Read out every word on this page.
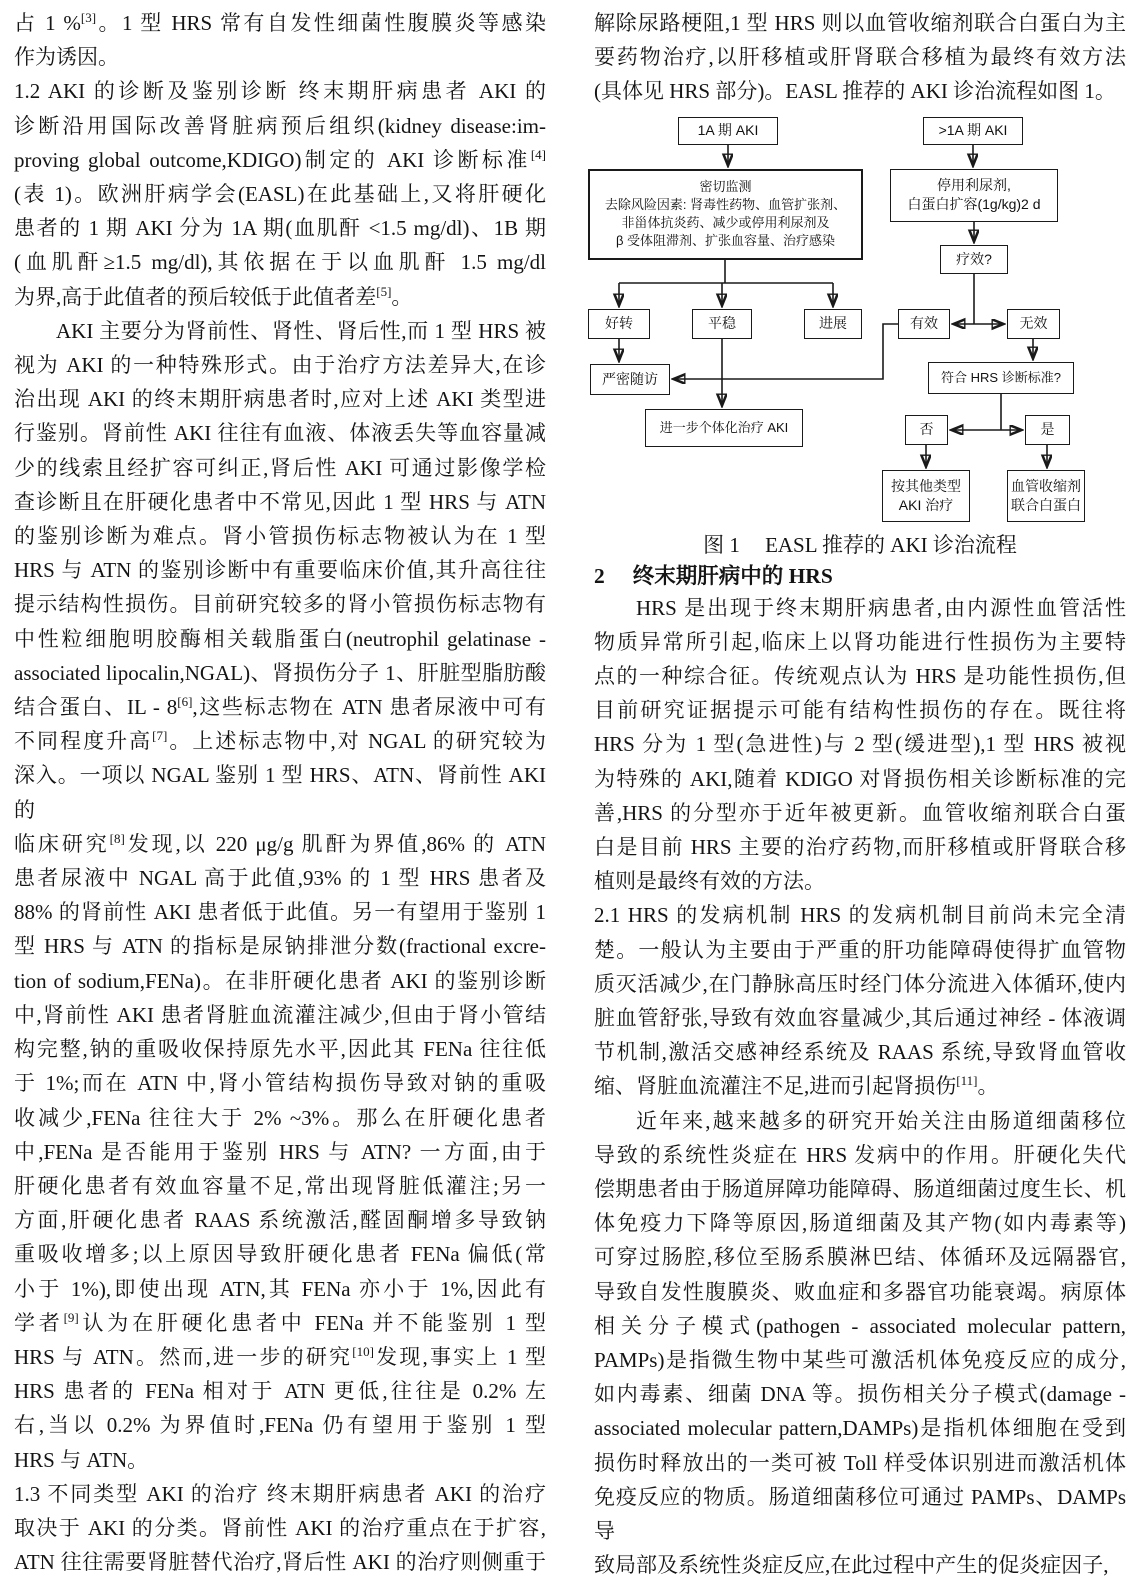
占 1 %[3]。1 型 HRS 常有自发性细菌性腹膜炎等感染
作为诱因。
1.2 AKI 的诊断及鉴别诊断 终末期肝病患者 AKI 的
诊断沿用国际改善肾脏病预后组织(kidney disease:im-
proving global outcome,KDIGO)制定的 AKI 诊断标准[4]
(表 1)。欧洲肝病学会(EASL)在此基础上,又将肝硬化
患者的 1 期 AKI 分为 1A 期(血肌酐 <1.5 mg/dl)、1B 期
(血肌酐≥1.5 mg/dl),其依据在于以血肌酐 1.5 mg/dl
为界,高于此值者的预后较低于此值者差[5]。
AKI 主要分为肾前性、肾性、肾后性,而 1 型 HRS 被
视为 AKI 的一种特殊形式。由于治疗方法差异大,在诊
治出现 AKI 的终末期肝病患者时,应对上述 AKI 类型进
行鉴别。肾前性 AKI 往往有血液、体液丢失等血容量减
少的线索且经扩容可纠正,肾后性 AKI 可通过影像学检
查诊断且在肝硬化患者中不常见,因此 1 型 HRS 与 ATN
的鉴别诊断为难点。肾小管损伤标志物被认为在 1 型
HRS 与 ATN 的鉴别诊断中有重要临床价值,其升高往往
提示结构性损伤。目前研究较多的肾小管损伤标志物有
中性粒细胞明胶酶相关载脂蛋白(neutrophil gelatinase -
associated lipocalin,NGAL)、肾损伤分子 1、肝脏型脂肪酸
结合蛋白、IL - 8[6],这些标志物在 ATN 患者尿液中可有
不同程度升高[7]。上述标志物中,对 NGAL 的研究较为
深入。一项以 NGAL 鉴别 1 型 HRS、ATN、肾前性 AKI 的
临床研究[8]发现,以 220 μg/g 肌酐为界值,86% 的 ATN
患者尿液中 NGAL 高于此值,93% 的 1 型 HRS 患者及
88% 的肾前性 AKI 患者低于此值。另一有望用于鉴别 1
型 HRS 与 ATN 的指标是尿钠排泄分数(fractional excre-
tion of sodium,FENa)。在非肝硬化患者 AKI 的鉴别诊断
中,肾前性 AKI 患者肾脏血流灌注减少,但由于肾小管结
构完整,钠的重吸收保持原先水平,因此其 FENa 往往低
于 1%;而在 ATN 中,肾小管结构损伤导致对钠的重吸
收减少,FENa 往往大于 2% ~3%。那么在肝硬化患者
中,FENa 是否能用于鉴别 HRS 与 ATN? 一方面,由于
肝硬化患者有效血容量不足,常出现肾脏低灌注;另一
方面,肝硬化患者 RAAS 系统激活,醛固酮增多导致钠
重吸收增多;以上原因导致肝硬化患者 FENa 偏低(常
小于 1%),即使出现 ATN,其 FENa 亦小于 1%,因此有
学者[9]认为在肝硬化患者中 FENa 并不能鉴别 1 型
HRS 与 ATN。然而,进一步的研究[10]发现,事实上 1 型
HRS 患者的 FENa 相对于 ATN 更低,往往是 0.2% 左
右,当以 0.2% 为界值时,FENa 仍有望用于鉴别 1 型
HRS 与 ATN。
1.3 不同类型 AKI 的治疗 终末期肝病患者 AKI 的治疗
取决于 AKI 的分类。肾前性 AKI 的治疗重点在于扩容,
ATN 往往需要肾脏替代治疗,肾后性 AKI 的治疗则侧重于
解除尿路梗阻,1 型 HRS 则以血管收缩剂联合白蛋白为主
要药物治疗,以肝移植或肝肾联合移植为最终有效方法
(具体见 HRS 部分)。EASL 推荐的 AKI 诊治流程如图 1。
1A 期 AKI	>1A 期 AKI
密切监测
去除风险因素: 肾毒性药物、血管扩张剂、
非甾体抗炎药、减少或停用利尿剂及
β 受体阻滞剂、扩张血容量、治疗感染
停用利尿剂,
白蛋白扩容(1g/kg)2 d
疗效?
好转	平稳	进展	有效	无效
严密随访	符合 HRS 诊断标准?
进一步个体化治疗 AKI	否	是
按其他类型
AKI 治疗
血管收缩剂
联合白蛋白
图 1 EASL 推荐的 AKI 诊治流程
2 终末期肝病中的 HRS
HRS 是出现于终末期肝病患者,由内源性血管活性
物质异常所引起,临床上以肾功能进行性损伤为主要特
点的一种综合征。传统观点认为 HRS 是功能性损伤,但
目前研究证据提示可能有结构性损伤的存在。既往将
HRS 分为 1 型(急进性)与 2 型(缓进型),1 型 HRS 被视
为特殊的 AKI,随着 KDIGO 对肾损伤相关诊断标准的完
善,HRS 的分型亦于近年被更新。血管收缩剂联合白蛋
白是目前 HRS 主要的治疗药物,而肝移植或肝肾联合移
植则是最终有效的方法。
2.1 HRS 的发病机制 HRS 的发病机制目前尚未完全清
楚。一般认为主要由于严重的肝功能障碍使得扩血管物
质灭活减少,在门静脉高压时经门体分流进入体循环,使内
脏血管舒张,导致有效血容量减少,其后通过神经 - 体液调
节机制,激活交感神经系统及 RAAS 系统,导致肾血管收
缩、肾脏血流灌注不足,进而引起肾损伤[11]。
近年来,越来越多的研究开始关注由肠道细菌移位
导致的系统性炎症在 HRS 发病中的作用。肝硬化失代
偿期患者由于肠道屏障功能障碍、肠道细菌过度生长、机
体免疫力下降等原因,肠道细菌及其产物(如内毒素等)
可穿过肠腔,移位至肠系膜淋巴结、体循环及远隔器官,
导致自发性腹膜炎、败血症和多器官功能衰竭。病原体
相关分子模式(pathogen - associated molecular pattern,
PAMPs)是指微生物中某些可激活机体免疫反应的成分,
如内毒素、细菌 DNA 等。损伤相关分子模式(damage -
associated molecular pattern,DAMPs)是指机体细胞在受到
损伤时释放出的一类可被 Toll 样受体识别进而激活机体
免疫反应的物质。肠道细菌移位可通过 PAMPs、DAMPs 导
致局部及系统性炎症反应,在此过程中产生的促炎症因子,
